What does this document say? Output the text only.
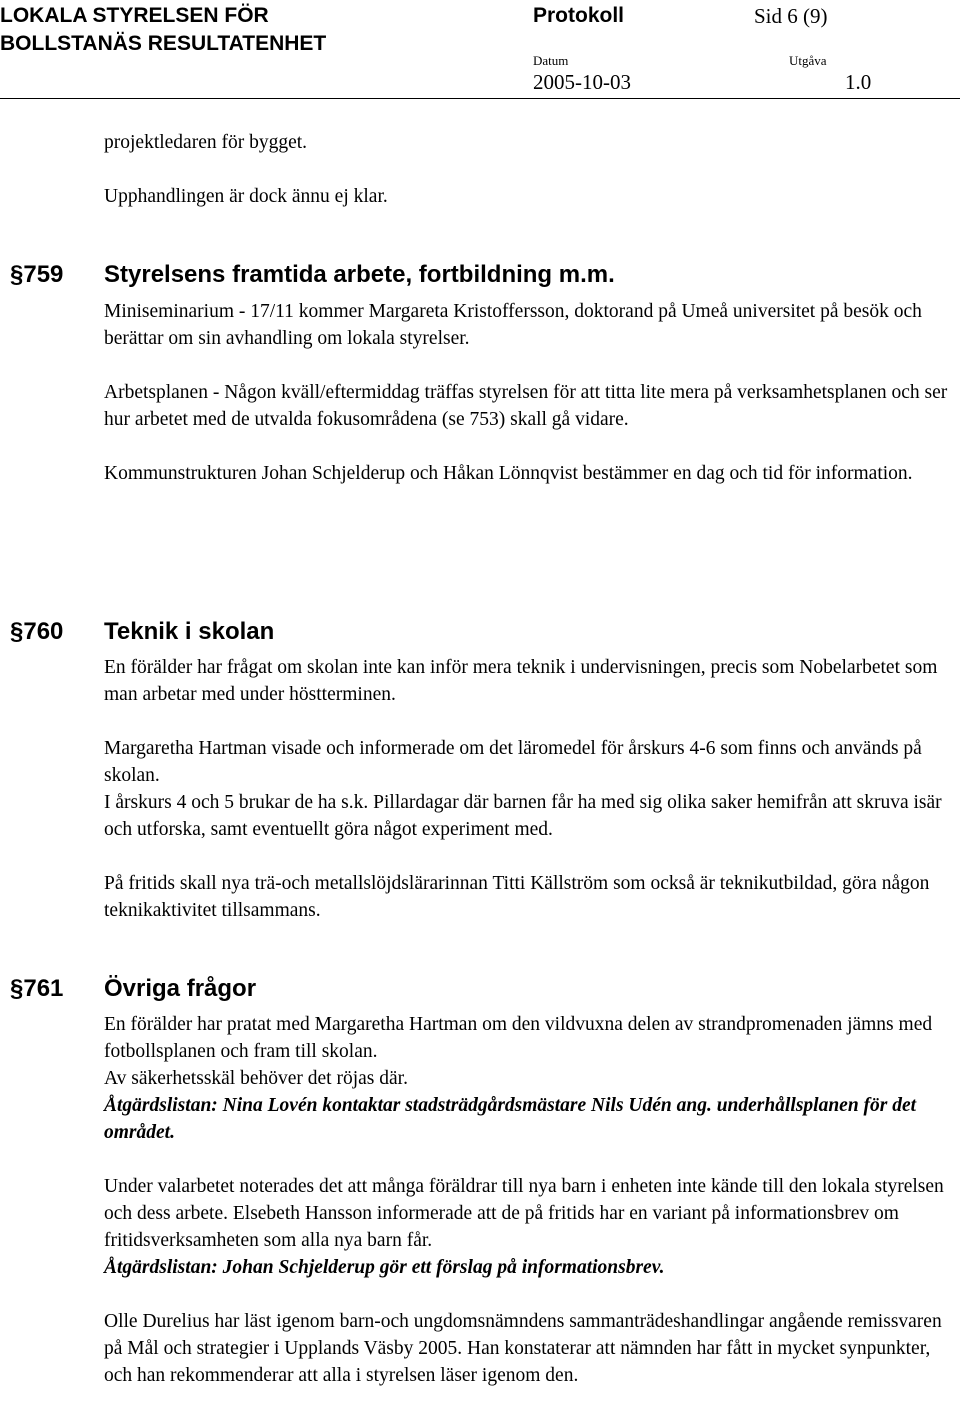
LOKALA STYRELSEN FÖR
BOLLSTANÄS RESULTATENHET
Protokoll	Sid 6 (9)
Datum	Utgåva
2005-10-03	1.0
projektledaren för bygget.
Upphandlingen är dock ännu ej klar.
§759 Styrelsens framtida arbete, fortbildning m.m.

Miniseminarium - 17/11 kommer Margareta Kristoffersson, doktorand på Umeå universitet på besök och berättar om sin avhandling om lokala styrelser.

Arbetsplanen - Någon kväll/eftermiddag träffas styrelsen för att titta lite mera på verksamhetsplanen och ser hur arbetet med de utvalda fokusområdena (se 753) skall gå vidare.

Kommunstrukturen Johan Schjelderup och Håkan Lönnqvist bestämmer en dag och tid för information.

§760 Teknik i skolan

En förälder har frågat om skolan inte kan inför mera teknik i undervisningen, precis som Nobelarbetet som man arbetar med under höstterminen.

Margaretha Hartman visade och informerade om det läromedel för årskurs 4-6 som finns och används på skolan.

I årskurs 4 och 5 brukar de ha s.k. Pillardagar där barnen får ha med sig olika saker hemifrån att skruva isär och utforska, samt eventuellt göra något experiment med.

På fritids skall nya trä-och metallslöjdslärarinnan Titti Källström som också är teknikutbildad, göra någon teknikaktivitet tillsammans.

§761 Övriga frågor

En förälder har pratat med Margaretha Hartman om den vildvuxna delen av strandpromenaden jämns med fotbollsplanen och fram till skolan.

Av säkerhetsskäl behöver det röjas där.

Åtgärdslistan: Nina Lovén kontaktar stadsträdgårdsmästare Nils Udén ang. underhållsplanen för det området.

Under valarbetet noterades det att många föräldrar till nya barn i enheten inte kände till den lokala styrelsen och dess arbete. Elsebeth Hansson informerade att de på fritids har en variant på informationsbrev om fritidsverksamheten som alla nya barn får.

Åtgärdslistan: Johan Schjelderup gör ett förslag på informationsbrev.

Olle Durelius har läst igenom barn-och ungdomsnämndens sammanträdeshandlingar angående remissvaren på Mål och strategier i Upplands Väsby 2005. Han konstaterar att nämnden har fått in mycket synpunkter, och han rekommenderar att alla i styrelsen läser igenom den.
